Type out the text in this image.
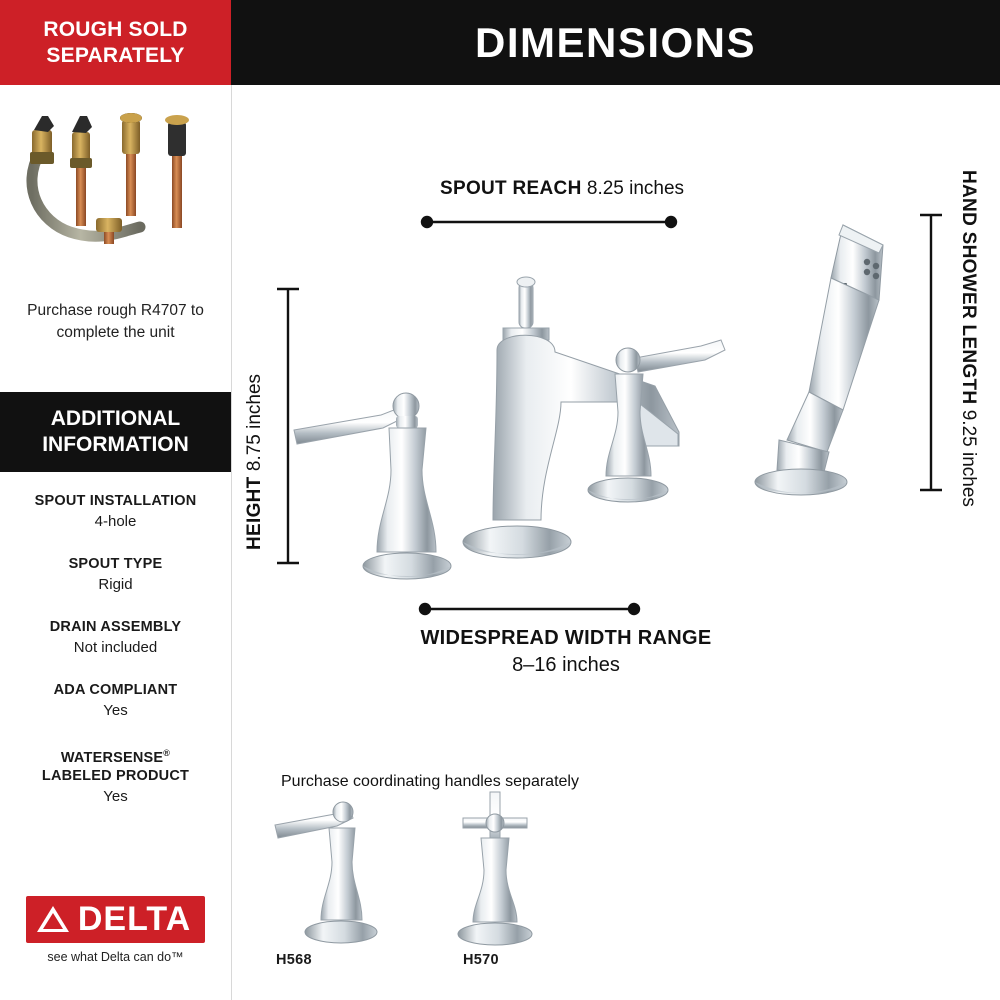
ROUGH SOLD
SEPARATELY
Purchase rough R4707 to complete the unit
ADDITIONAL
INFORMATION
SPOUT INSTALLATION
4-hole
SPOUT TYPE
Rigid
DRAIN ASSEMBLY
Not included
ADA COMPLIANT
Yes
WATERSENSE®
LABELED PRODUCT
Yes
DELTA
see what Delta can do™
DIMENSIONS
SPOUT REACH 8.25 inches
HEIGHT 8.75 inches
HAND SHOWER LENGTH 9.25 inches
WIDESPREAD WIDTH RANGE
8–16 inches
Purchase coordinating handles separately
H568	H570
